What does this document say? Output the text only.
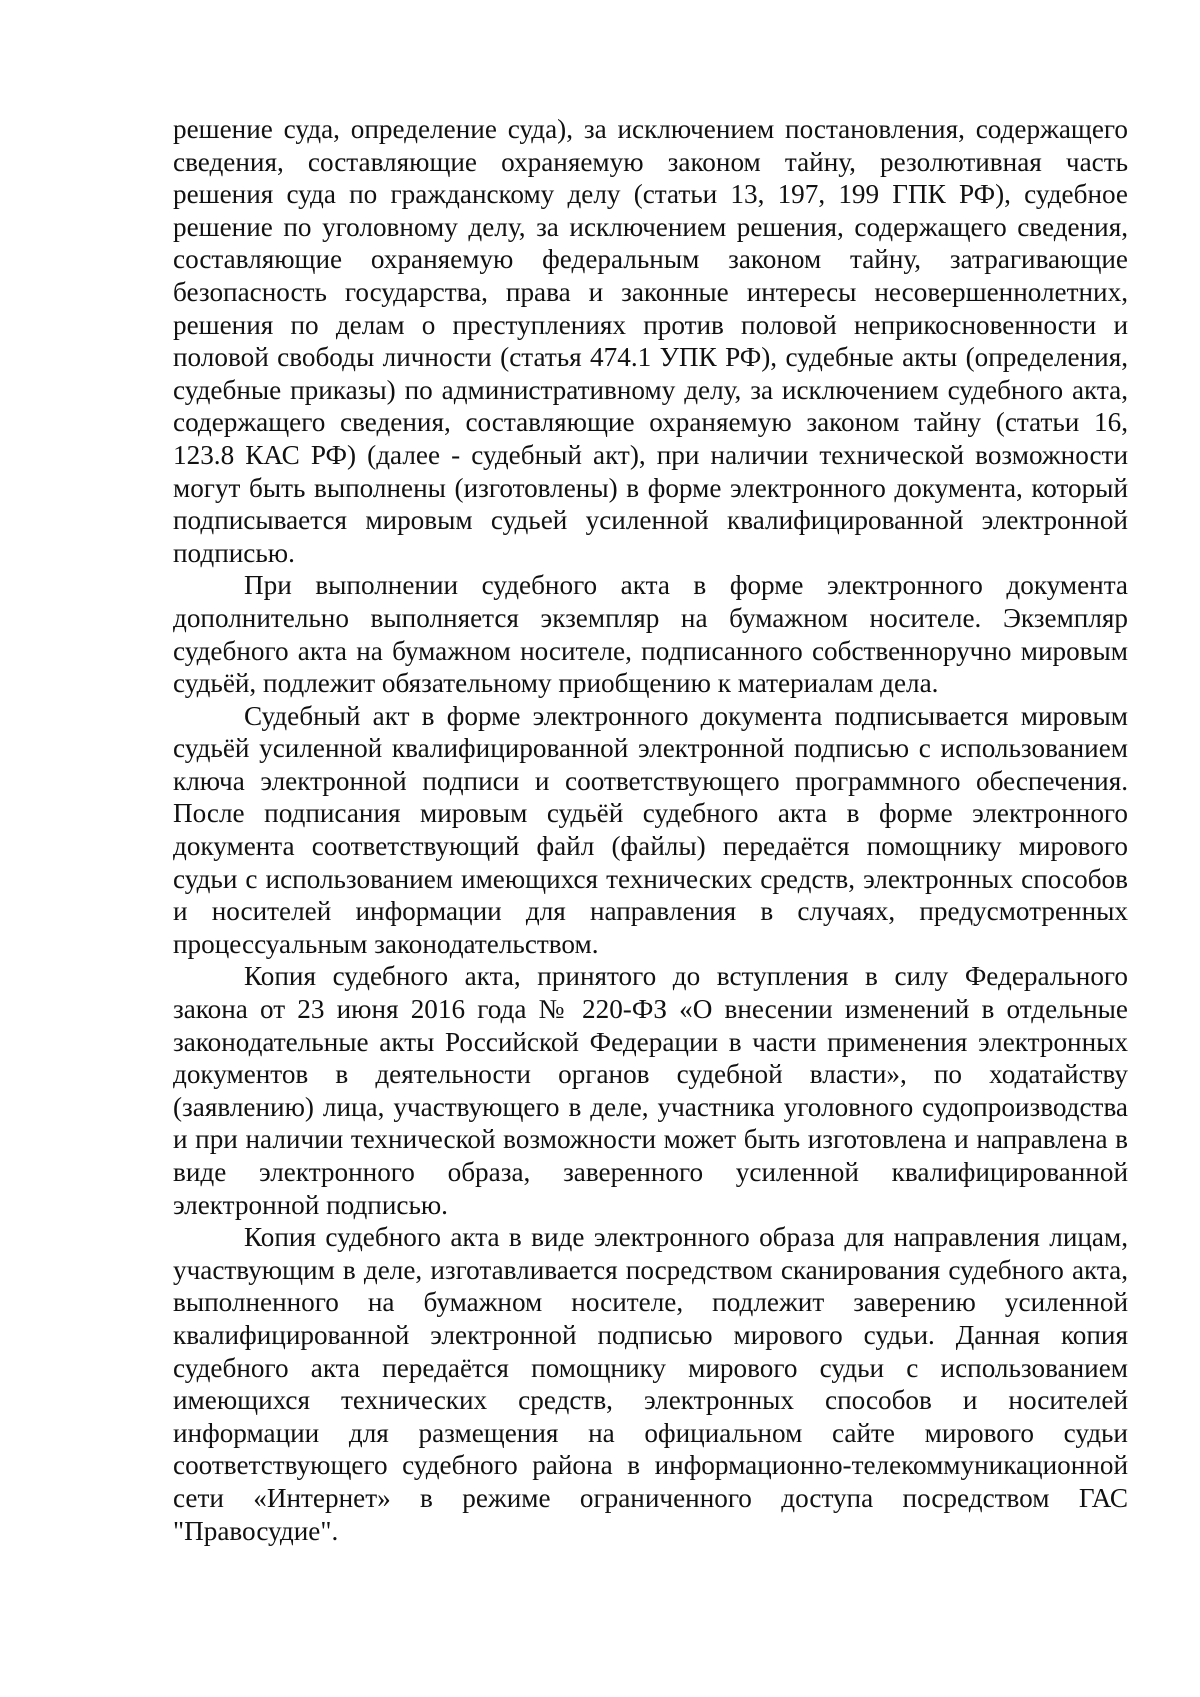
решение суда, определение суда), за исключением постановления, содержащего сведения, составляющие охраняемую законом тайну, резолютивная часть решения суда по гражданскому делу (статьи 13, 197, 199 ГПК РФ), судебное решение по уголовному делу, за исключением решения, содержащего сведения, составляющие охраняемую федеральным законом тайну, затрагивающие безопасность государства, права и законные интересы несовершеннолетних, решения по делам о преступлениях против половой неприкосновенности и половой свободы личности (статья 474.1 УПК РФ), судебные акты (определения, судебные приказы) по административному делу, за исключением судебного акта, содержащего сведения, составляющие охраняемую законом тайну (статьи 16, 123.8 КАС РФ) (далее - судебный акт), при наличии технической возможности могут быть выполнены (изготовлены) в форме электронного документа, который подписывается мировым судьей усиленной квалифицированной электронной подписью.

При выполнении судебного акта в форме электронного документа дополнительно выполняется экземпляр на бумажном носителе. Экземпляр судебного акта на бумажном носителе, подписанного собственноручно мировым судьёй, подлежит обязательному приобщению к материалам дела.

Судебный акт в форме электронного документа подписывается мировым судьёй усиленной квалифицированной электронной подписью с использованием ключа электронной подписи и соответствующего программного обеспечения. После подписания мировым судьёй судебного акта в форме электронного документа соответствующий файл (файлы) передаётся помощнику мирового судьи с использованием имеющихся технических средств, электронных способов и носителей информации для направления в случаях, предусмотренных процессуальным законодательством.

Копия судебного акта, принятого до вступления в силу Федерального закона от 23 июня 2016 года № 220-ФЗ «О внесении изменений в отдельные законодательные акты Российской Федерации в части применения электронных документов в деятельности органов судебной власти», по ходатайству (заявлению) лица, участвующего в деле, участника уголовного судопроизводства и при наличии технической возможности может быть изготовлена и направлена в виде электронного образа, заверенного усиленной квалифицированной электронной подписью.

Копия судебного акта в виде электронного образа для направления лицам, участвующим в деле, изготавливается посредством сканирования судебного акта, выполненного на бумажном носителе, подлежит заверению усиленной квалифицированной электронной подписью мирового судьи. Данная копия судебного акта передаётся помощнику мирового судьи с использованием имеющихся технических средств, электронных способов и носителей информации для размещения на официальном сайте мирового судьи соответствующего судебного района в информационно-телекоммуникационной сети «Интернет» в режиме ограниченного доступа посредством ГАС "Правосудие".
